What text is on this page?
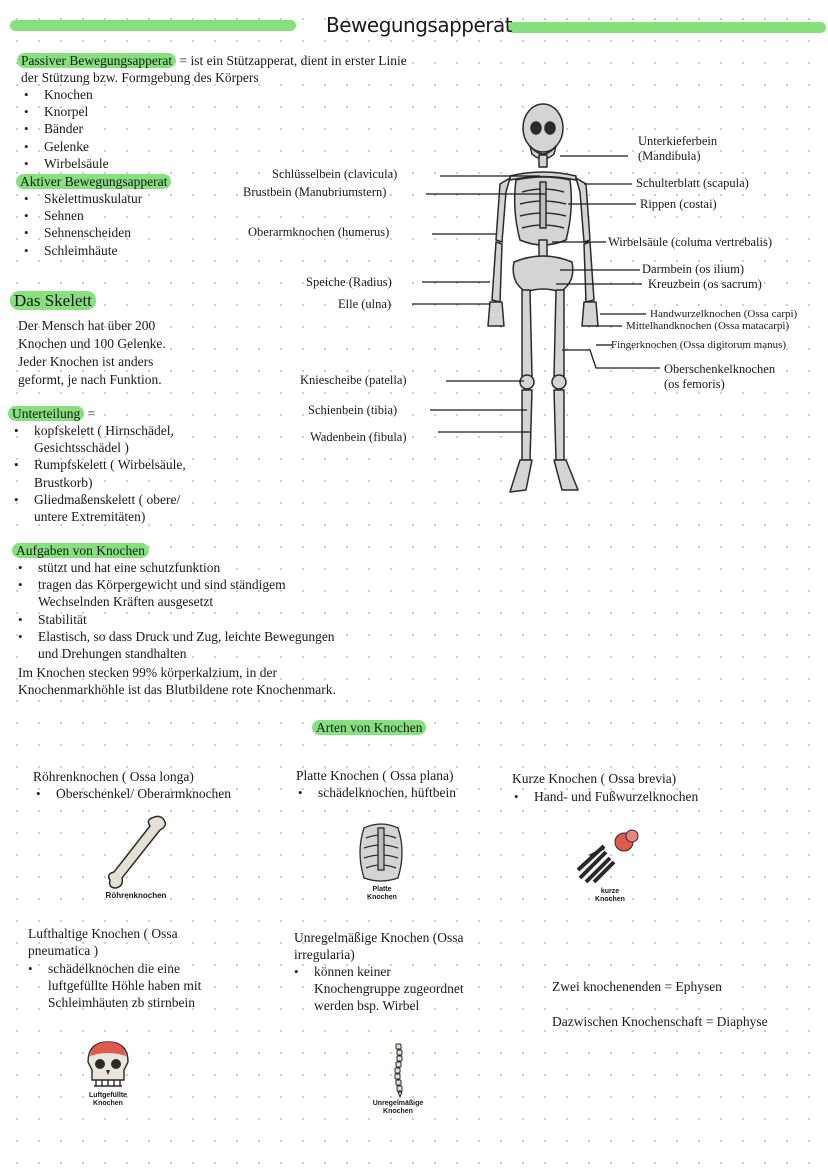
Bewegungsapperat
Passiver Bewegungsapperat = ist ein Stützapperat, dient in erster Linie
der Stützung bzw. Formgebung des Körpers
• Knochen
• Knorpel
• Bänder
• Gelenke
• Wirbelsäule
Aktiver Bewegungsapperat
• Skelettmuskulatur
• Sehnen
• Sehnenscheiden
• Schleimhäute
Das Skelett
Der Mensch hat über 200
Knochen und 100 Gelenke.
Jeder Knochen ist anders
geformt, je nach Funktion.
Unterteilung =
• kopfskelett ( Hirnschädel,
Gesichtsschädel )
• Rumpfskelett ( Wirbelsäule,
Brustkorb)
• Gliedmaßenskelett ( obere/
untere Extremitäten)
Aufgaben von Knochen
• stützt und hat eine schutzfunktion
• tragen das Körpergewicht und sind ständigem
Wechselnden Kräften ausgesetzt
• Stabilität
• Elastisch, so dass Druck und Zug, leichte Bewegungen
und Drehungen standhalten
Im Knochen stecken 99% körperkalzium, in der
Knochenmarkhöhle ist das Blutbildene rote Knochenmark.
Schlüsselbein (clavicula)
Brustbein (Manubriumstern)
Oberarmknochen (humerus)
Speiche (Radius)
Elle (ulna)
Kniescheibe (patella)
Schienbein (tibia)
Wadenbein (fibula)
Unterkieferbein
(Mandibula)
Schulterblatt (scapula)
Rippen (costai)
Wirbelsäule (columa vertrebalis)
Darmbein (os ilium)
Kreuzbein (os sacrum)
Handwurzelknochen (Ossa carpi)
Mittelhandknochen (Ossa matacarpi)
Fingerknochen (Ossa digitorum manus)
Oberschenkelknochen
(os femoris)
Arten von Knochen
Röhrenknochen ( Ossa longa)
• Oberschenkel/ Oberarmknochen
Platte Knochen ( Ossa plana)
• schädelknochen, hüftbein
Kurze Knochen ( Ossa brevia)
• Hand- und Fußwurzelknochen
Röhrenknochen
Platte
Knochen
kurze
Knochen
Lufthaltige Knochen ( Ossa
pneumatica )
• schädelknochen die eine
luftgefüllte Höhle haben mit
Schleimhäuten zb stirnbein
Unregelmäßige Knochen (Ossa
irregularia)
• können keiner
Knochengruppe zugeordnet
werden bsp. Wirbel
Zwei knochenenden = Ephysen
Dazwischen Knochenschaft = Diaphyse
Luftgefüllte
Knochen	Unregelmäßige
Knochen
